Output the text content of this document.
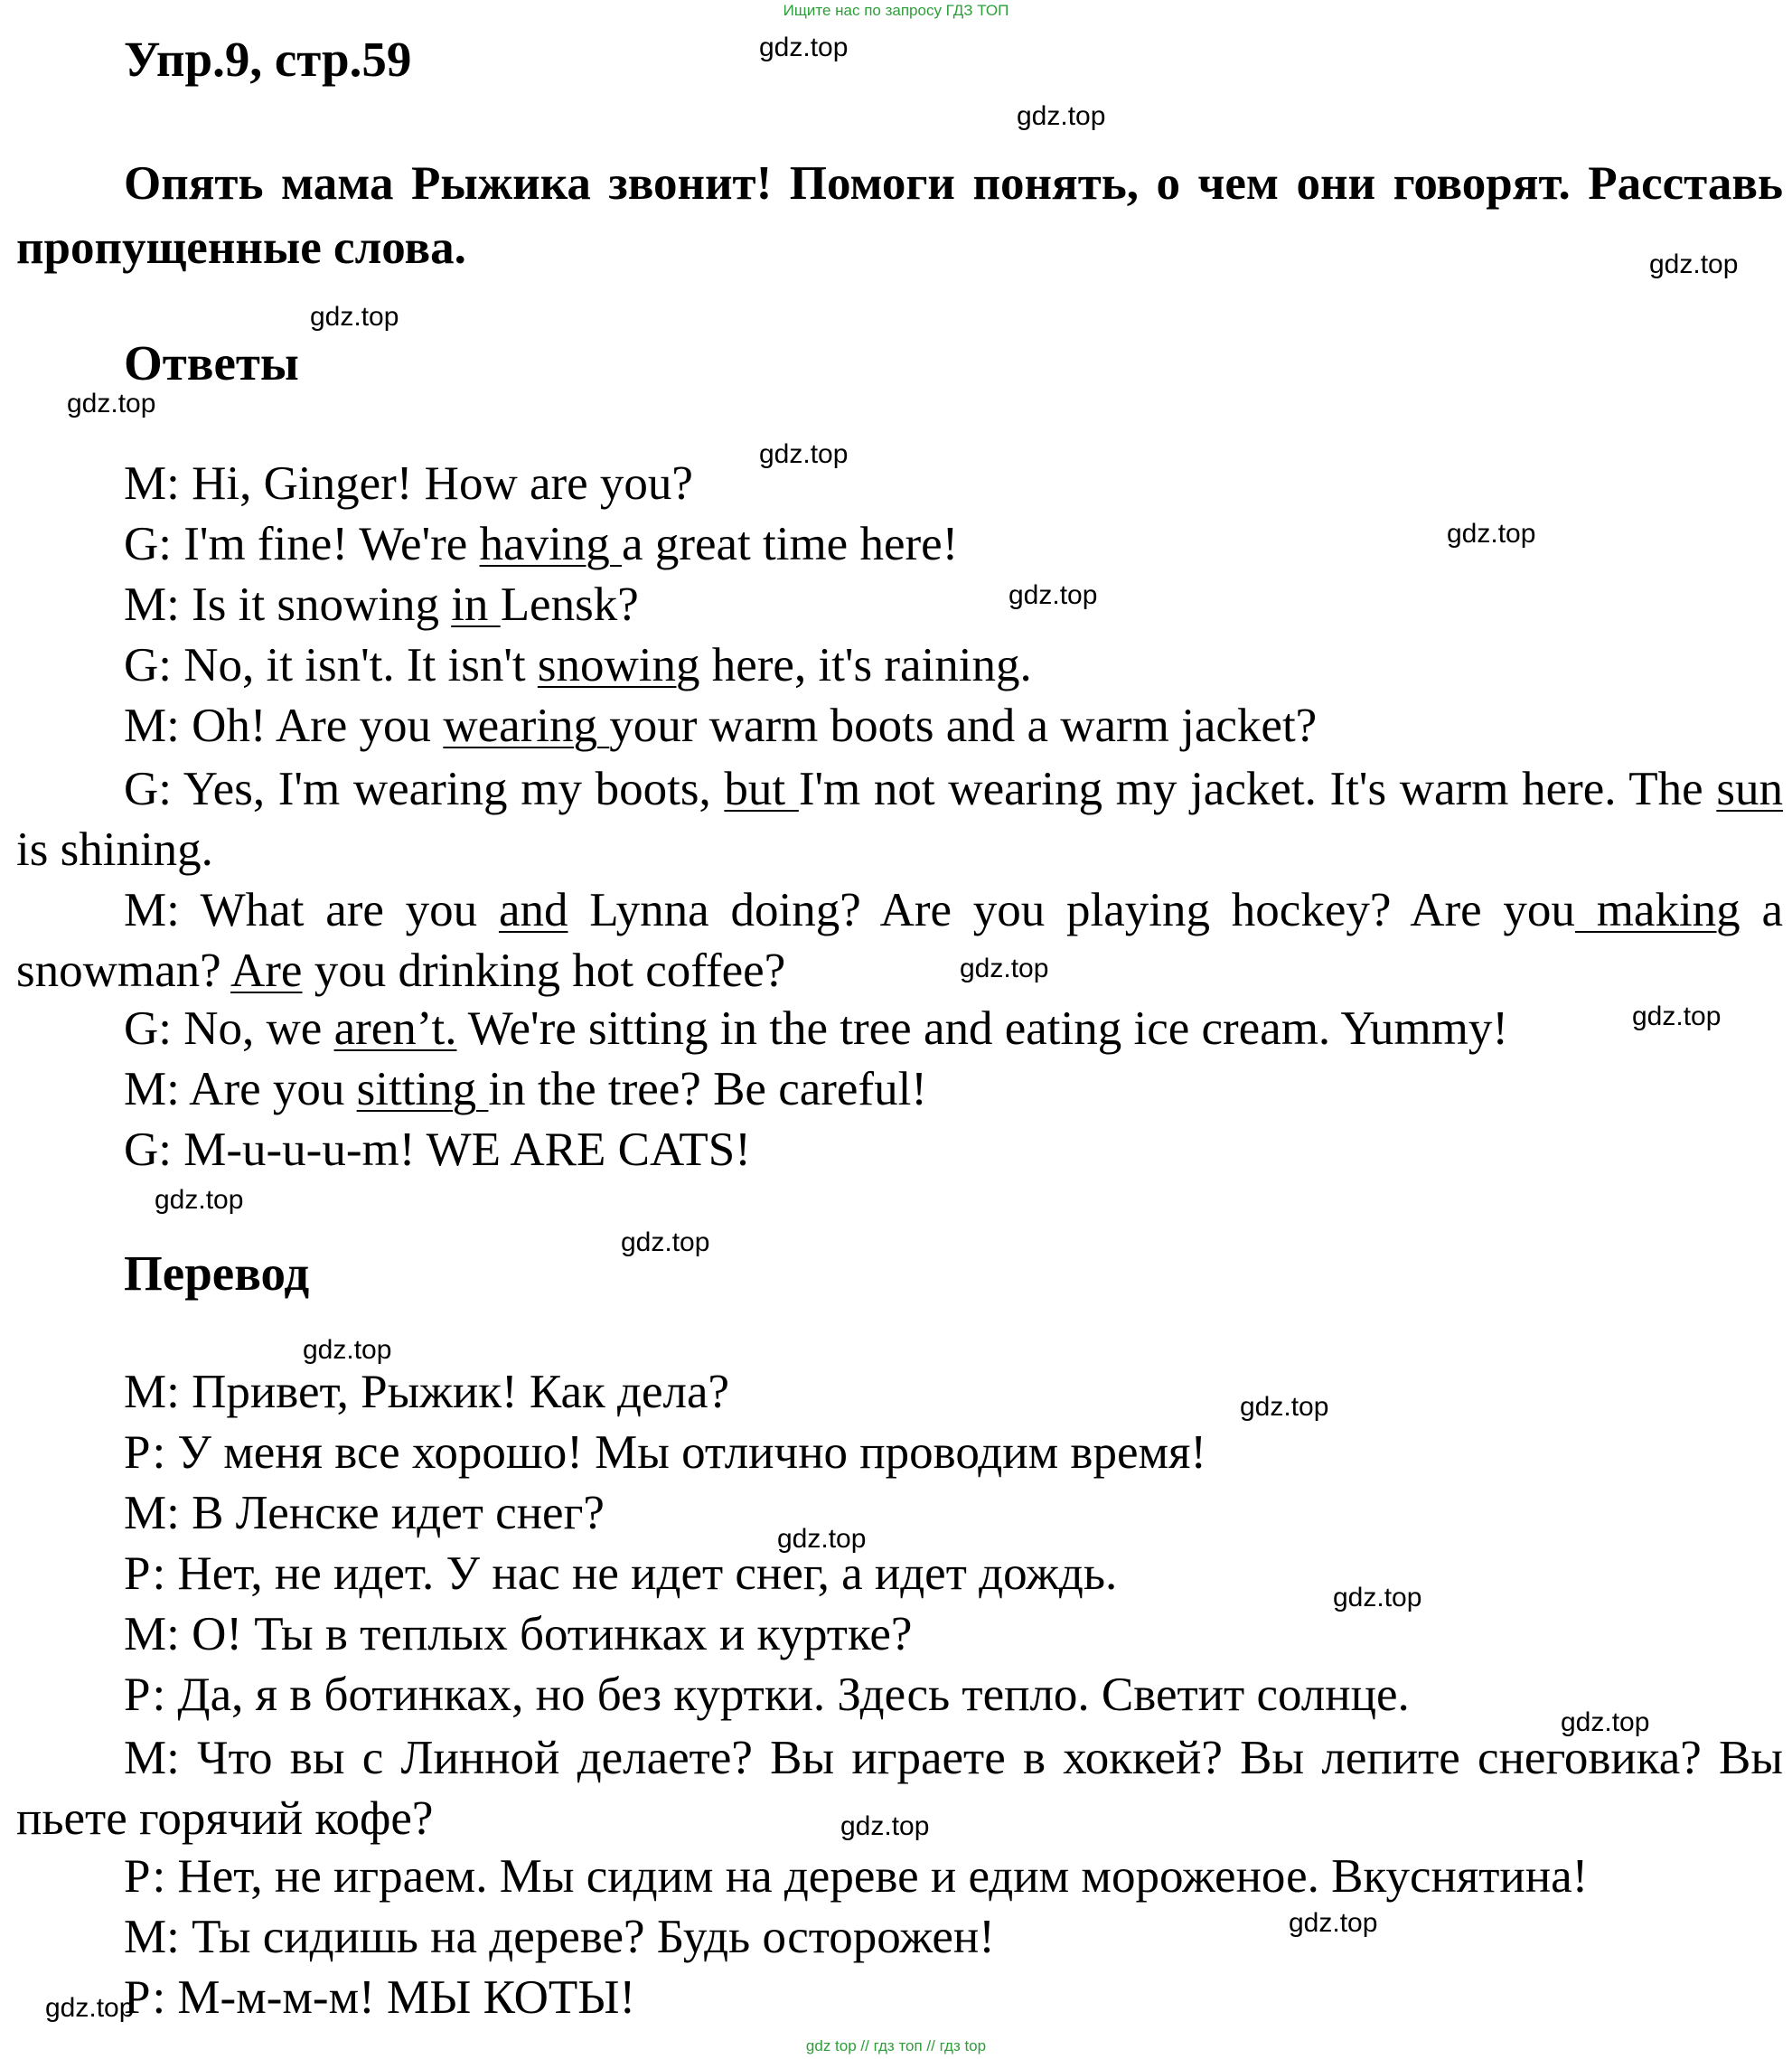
Ищите нас по запросу ГДЗ ТОП
Упр.9, стр.59
Опять мама Рыжика звонит! Помоги понять, о чем они говорят. Расставь пропущенные слова.
Ответы
M: Hi, Ginger! How are you?
G: I'm fine! We're having a great time here!
M: Is it snowing in Lensk?
G: No, it isn't. It isn't snowing here, it's raining.
M: Oh! Are you wearing your warm boots and a warm jacket?
G: Yes, I'm wearing my boots, but I'm not wearing my jacket. It's warm here. The sun is shining.
M: What are you and Lynna doing? Are you playing hockey? Are you making a snowman? Are you drinking hot coffee?
G: No, we aren’t. We're sitting in the tree and eating ice cream. Yummy!
M: Are you sitting in the tree? Be careful!
G: M-u-u-u-m! WE ARE CATS!
Перевод
М: Привет, Рыжик! Как дела?
Р: У меня все хорошо! Мы отлично проводим время!
М: В Ленске идет снег?
Р: Нет, не идет. У нас не идет снег, а идет дождь.
М: О! Ты в теплых ботинках и куртке?
Р: Да, я в ботинках, но без куртки. Здесь тепло. Светит солнце.
М: Что вы с Линной делаете? Вы играете в хоккей? Вы лепите снеговика? Вы пьете горячий кофе?
Р: Нет, не играем. Мы сидим на дереве и едим мороженое. Вкуснятина!
М: Ты сидишь на дереве? Будь осторожен!
Р: М-м-м-м! МЫ КОТЫ!
gdz.top
gdz.top
gdz.top
gdz.top
gdz.top
gdz.top
gdz.top
gdz.top
gdz.top
gdz.top
gdz.top
gdz.top
gdz.top
gdz.top
gdz.top
gdz.top
gdz.top
gdz.top
gdz.top
gdz.top
gdz top // гдз топ // гдз top
